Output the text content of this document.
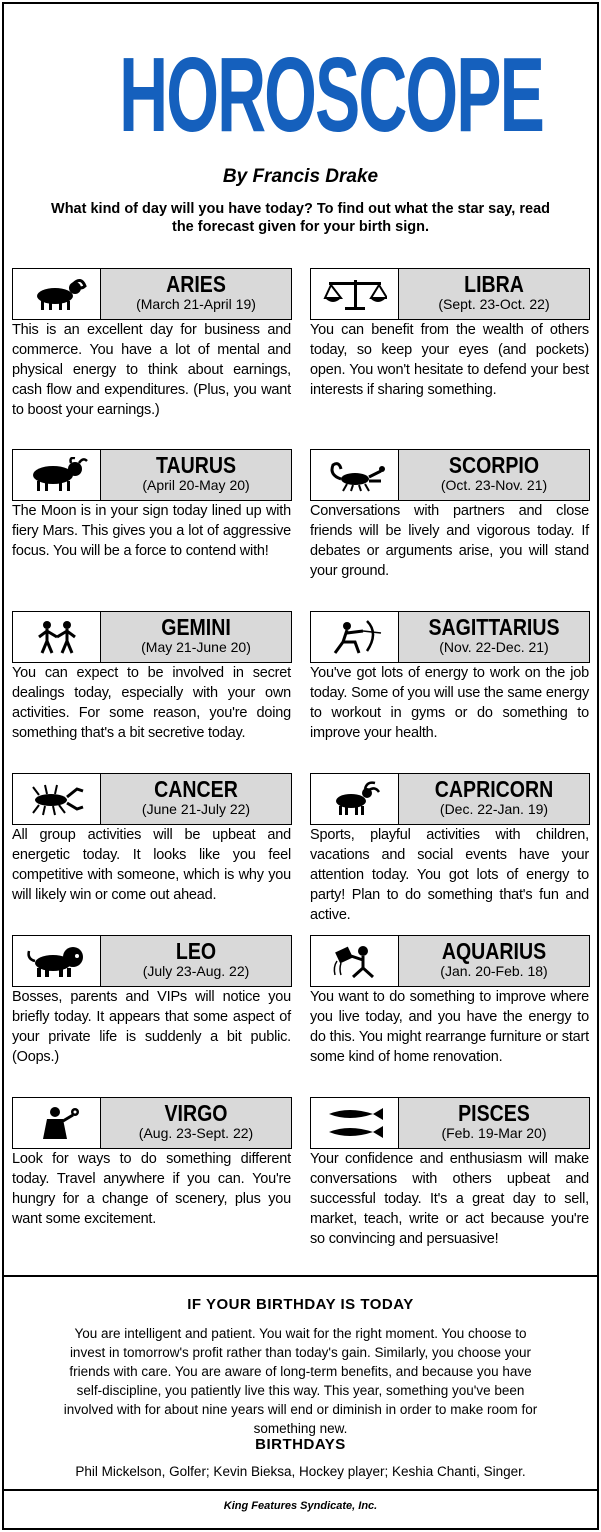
HOROSCOPE
By Francis Drake
What kind of day will you have today? To find out what the star say, read the forecast given for your birth sign.
ARIES
(March 21-April 19)
This is an excellent day for business and commerce. You have a lot of mental and physical energy to think about earnings, cash flow and expenditures. (Plus, you want to boost your earnings.)
LIBRA
(Sept. 23-Oct. 22)
You can benefit from the wealth of others today, so keep your eyes (and pockets) open. You won't hesitate to defend your best interests if sharing something.
TAURUS
(April 20-May 20)
The Moon is in your sign today lined up with fiery Mars. This gives you a lot of aggressive focus. You will be a force to contend with!
SCORPIO
(Oct. 23-Nov. 21)
Conversations with partners and close friends will be lively and vigorous today. If debates or arguments arise, you will stand your ground.
GEMINI
(May 21-June 20)
You can expect to be involved in secret dealings today, especially with your own activities. For some reason, you're doing something that's a bit secretive today.
SAGITTARIUS
(Nov. 22-Dec. 21)
You've got lots of energy to work on the job today. Some of you will use the same energy to workout in gyms or do something to improve your health.
CANCER
(June 21-July 22)
All group activities will be upbeat and energetic today. It looks like you feel competitive with someone, which is why you will likely win or come out ahead.
CAPRICORN
(Dec. 22-Jan. 19)
Sports, playful activities with children, vacations and social events have your attention today. You got lots of energy to party! Plan to do something that's fun and active.
LEO
(July 23-Aug. 22)
Bosses, parents and VIPs will notice you briefly today. It appears that some aspect of your private life is suddenly a bit public. (Oops.)
AQUARIUS
(Jan. 20-Feb. 18)
You want to do something to improve where you live today, and you have the energy to do this. You might rearrange furniture or start some kind of home renovation.
VIRGO
(Aug. 23-Sept. 22)
Look for ways to do something different today. Travel anywhere if you can. You're hungry for a change of scenery, plus you want some excitement.
PISCES
(Feb. 19-Mar 20)
Your confidence and enthusiasm will make conversations with others upbeat and successful today. It's a great day to sell, market, teach, write or act because you're so convincing and persuasive!
IF YOUR BIRTHDAY IS TODAY
You are intelligent and patient. You wait for the right moment. You choose to invest in tomorrow's profit rather than today's gain. Similarly, you choose your friends with care. You are aware of long-term benefits, and because you have self-discipline, you patiently live this way. This year, something you've been involved with for about nine years will end or diminish in order to make room for something new.
BIRTHDAYS
Phil Mickelson, Golfer; Kevin Bieksa, Hockey player; Keshia Chanti, Singer.
King Features Syndicate, Inc.
